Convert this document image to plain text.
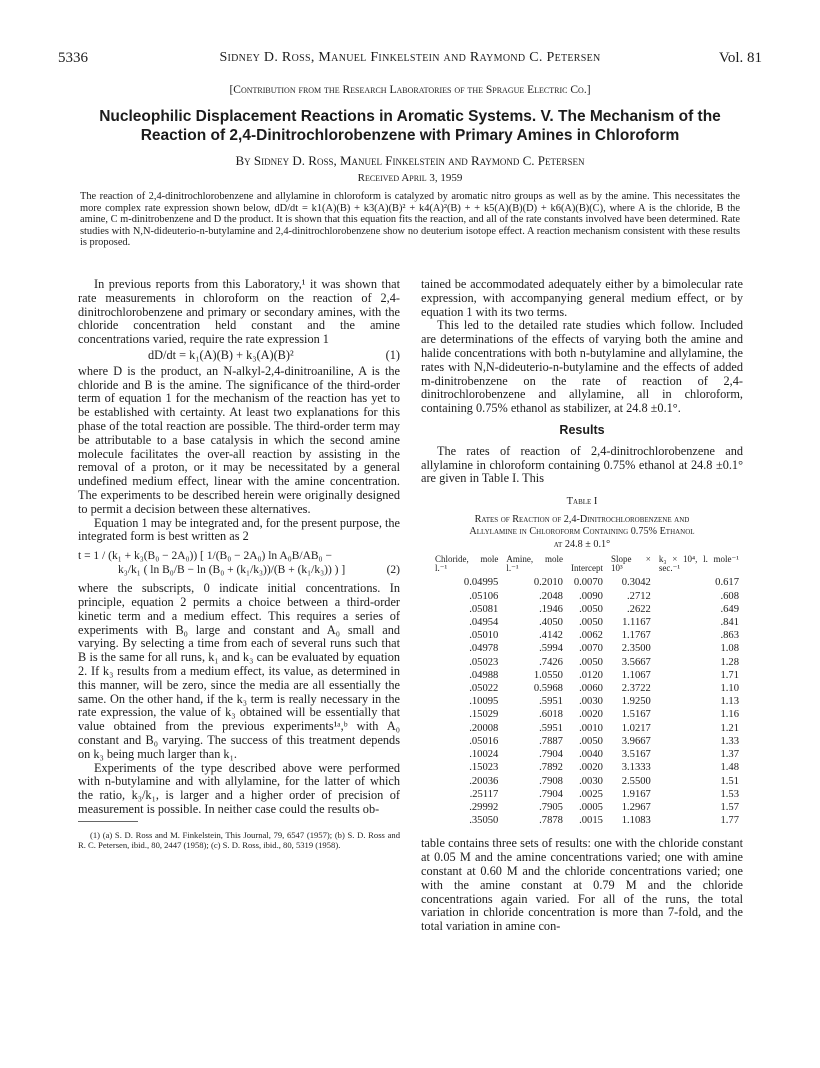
5336	Sidney D. Ross, Manuel Finkelstein and Raymond C. Petersen	Vol. 81
[Contribution from the Research Laboratories of the Sprague Electric Co.]
Nucleophilic Displacement Reactions in Aromatic Systems. V. The Mechanism of the Reaction of 2,4-Dinitrochlorobenzene with Primary Amines in Chloroform
By Sidney D. Ross, Manuel Finkelstein and Raymond C. Petersen
Received April 3, 1959
The reaction of 2,4-dinitrochlorobenzene and allylamine in chloroform is catalyzed by aromatic nitro groups as well as by the amine. This necessitates the more complex rate expression shown below, dD/dt = k1(A)(B) + k3(A)(B)² + k4(A)²(B) + + k5(A)(B)(D) + k6(A)(B)(C), where A is the chloride, B the amine, C m-dinitrobenzene and D the product. It is shown that this equation fits the reaction, and all of the rate constants involved have been determined. Rate studies with N,N-dideuterio-n-butylamine and 2,4-dinitrochlorobenzene show no deuterium isotope effect. A reaction mechanism consistent with these results is proposed.

In previous reports from this Laboratory,¹ it was shown that rate measurements in chloroform on the reaction of 2,4-dinitrochlorobenzene and primary or secondary amines, with the chloride concentration held constant and the amine concentrations varied, require the rate expression 1

dD/dt = k₁(A)(B) + k₃(A)(B)²	(1)

where D is the product, an N-alkyl-2,4-dinitroaniline, A is the chloride and B is the amine. The significance of the third-order term of equation 1 for the mechanism of the reaction has yet to be established with certainty. At least two explanations for this phase of the total reaction are possible. The third-order term may be attributable to a base catalysis in which the second amine molecule facilitates the over-all reaction by assisting in the removal of a proton, or it may be necessitated by a general undefined medium effect, linear with the amine concentration. The experiments to be described herein were originally designed to permit a decision between these alternatives.

Equation 1 may be integrated and, for the present purpose, the integrated form is best written as 2

t = 1 / (k₁ + k₃(B₀ − 2A₀)) [ 1/(B₀ − 2A₀) ln A₀B/AB₀ −
k₃/k₁ ( ln B₀/B − ln (B₀ + (k₁/k₃))/(B + (k₁/k₃)) ) ]	(2)

where the subscripts, 0 indicate initial concentrations. In principle, equation 2 permits a choice between a third-order kinetic term and a medium effect. This requires a series of experiments with B₀ large and constant and A₀ small and varying. By selecting a time from each of several runs such that B is the same for all runs, k₁ and k₃ can be evaluated by equation 2. If k₃ results from a medium effect, its value, as determined in this manner, will be zero, since the media are all essentially the same. On the other hand, if the k₃ term is really necessary in the rate expression, the value of k₃ obtained will be essentially that value obtained from the previous experiments¹ᵃ,ᵇ with A₀ constant and B₀ varying. The success of this treatment depends on k₃ being much larger than k₁.

Experiments of the type described above were performed with n-butylamine and with allylamine, for the latter of which the ratio, k₃/k₁, is larger and a higher order of precision of measurement is possible. In neither case could the results ob-

(1) (a) S. D. Ross and M. Finkelstein, This Journal, 79, 6547 (1957); (b) S. D. Ross and R. C. Petersen, ibid., 80, 2447 (1958); (c) S. D. Ross, ibid., 80, 5319 (1958).

tained be accommodated adequately either by a bimolecular rate expression, with accompanying general medium effect, or by equation 1 with its two terms.

This led to the detailed rate studies which follow. Included are determinations of the effects of varying both the amine and halide concentrations with both n-butylamine and allylamine, the rates with N,N-dideuterio-n-butylamine and the effects of added m-dinitrobenzene on the rate of reaction of 2,4-dinitrochlorobenzene and allylamine, all in chloroform, containing 0.75% ethanol as stabilizer, at 24.8 ±0.1°.

Results

The rates of reaction of 2,4-dinitrochlorobenzene and allylamine in chloroform containing 0.75% ethanol at 24.8 ±0.1° are given in Table I. This

Table I
Rates of Reaction of 2,4-Dinitrochlorobenzene and
Allylamine in Chloroform Containing 0.75% Ethanol
at 24.8 ± 0.1°
Chloride, mole l.⁻¹	Amine, mole l.⁻¹	Intercept	Slope × 10³	k₃ × 10⁴, l. mole⁻¹ sec.⁻¹
0.04995	0.2010	0.0070	0.3042	0.617
.05106	.2048	.0090	.2712	.608
.05081	.1946	.0050	.2622	.649
.04954	.4050	.0050	1.1167	.841
.05010	.4142	.0062	1.1767	.863
.04978	.5994	.0070	2.3500	1.08
.05023	.7426	.0050	3.5667	1.28
.04988	1.0550	.0120	1.1067	1.71
.05022	0.5968	.0060	2.3722	1.10
.10095	.5951	.0030	1.9250	1.13
.15029	.6018	.0020	1.5167	1.16
.20008	.5951	.0010	1.0217	1.21
.05016	.7887	.0050	3.9667	1.33
.10024	.7904	.0040	3.5167	1.37
.15023	.7892	.0020	3.1333	1.48
.20036	.7908	.0030	2.5500	1.51
.25117	.7904	.0025	1.9167	1.53
.29992	.7905	.0005	1.2967	1.57
.35050	.7878	.0015	1.1083	1.77

table contains three sets of results: one with the chloride constant at 0.05 M and the amine concentrations varied; one with amine constant at 0.60 M and the chloride concentrations varied; one with the amine constant at 0.79 M and the chloride concentrations again varied. For all of the runs, the total variation in chloride concentration is more than 7-fold, and the total variation in amine con-
